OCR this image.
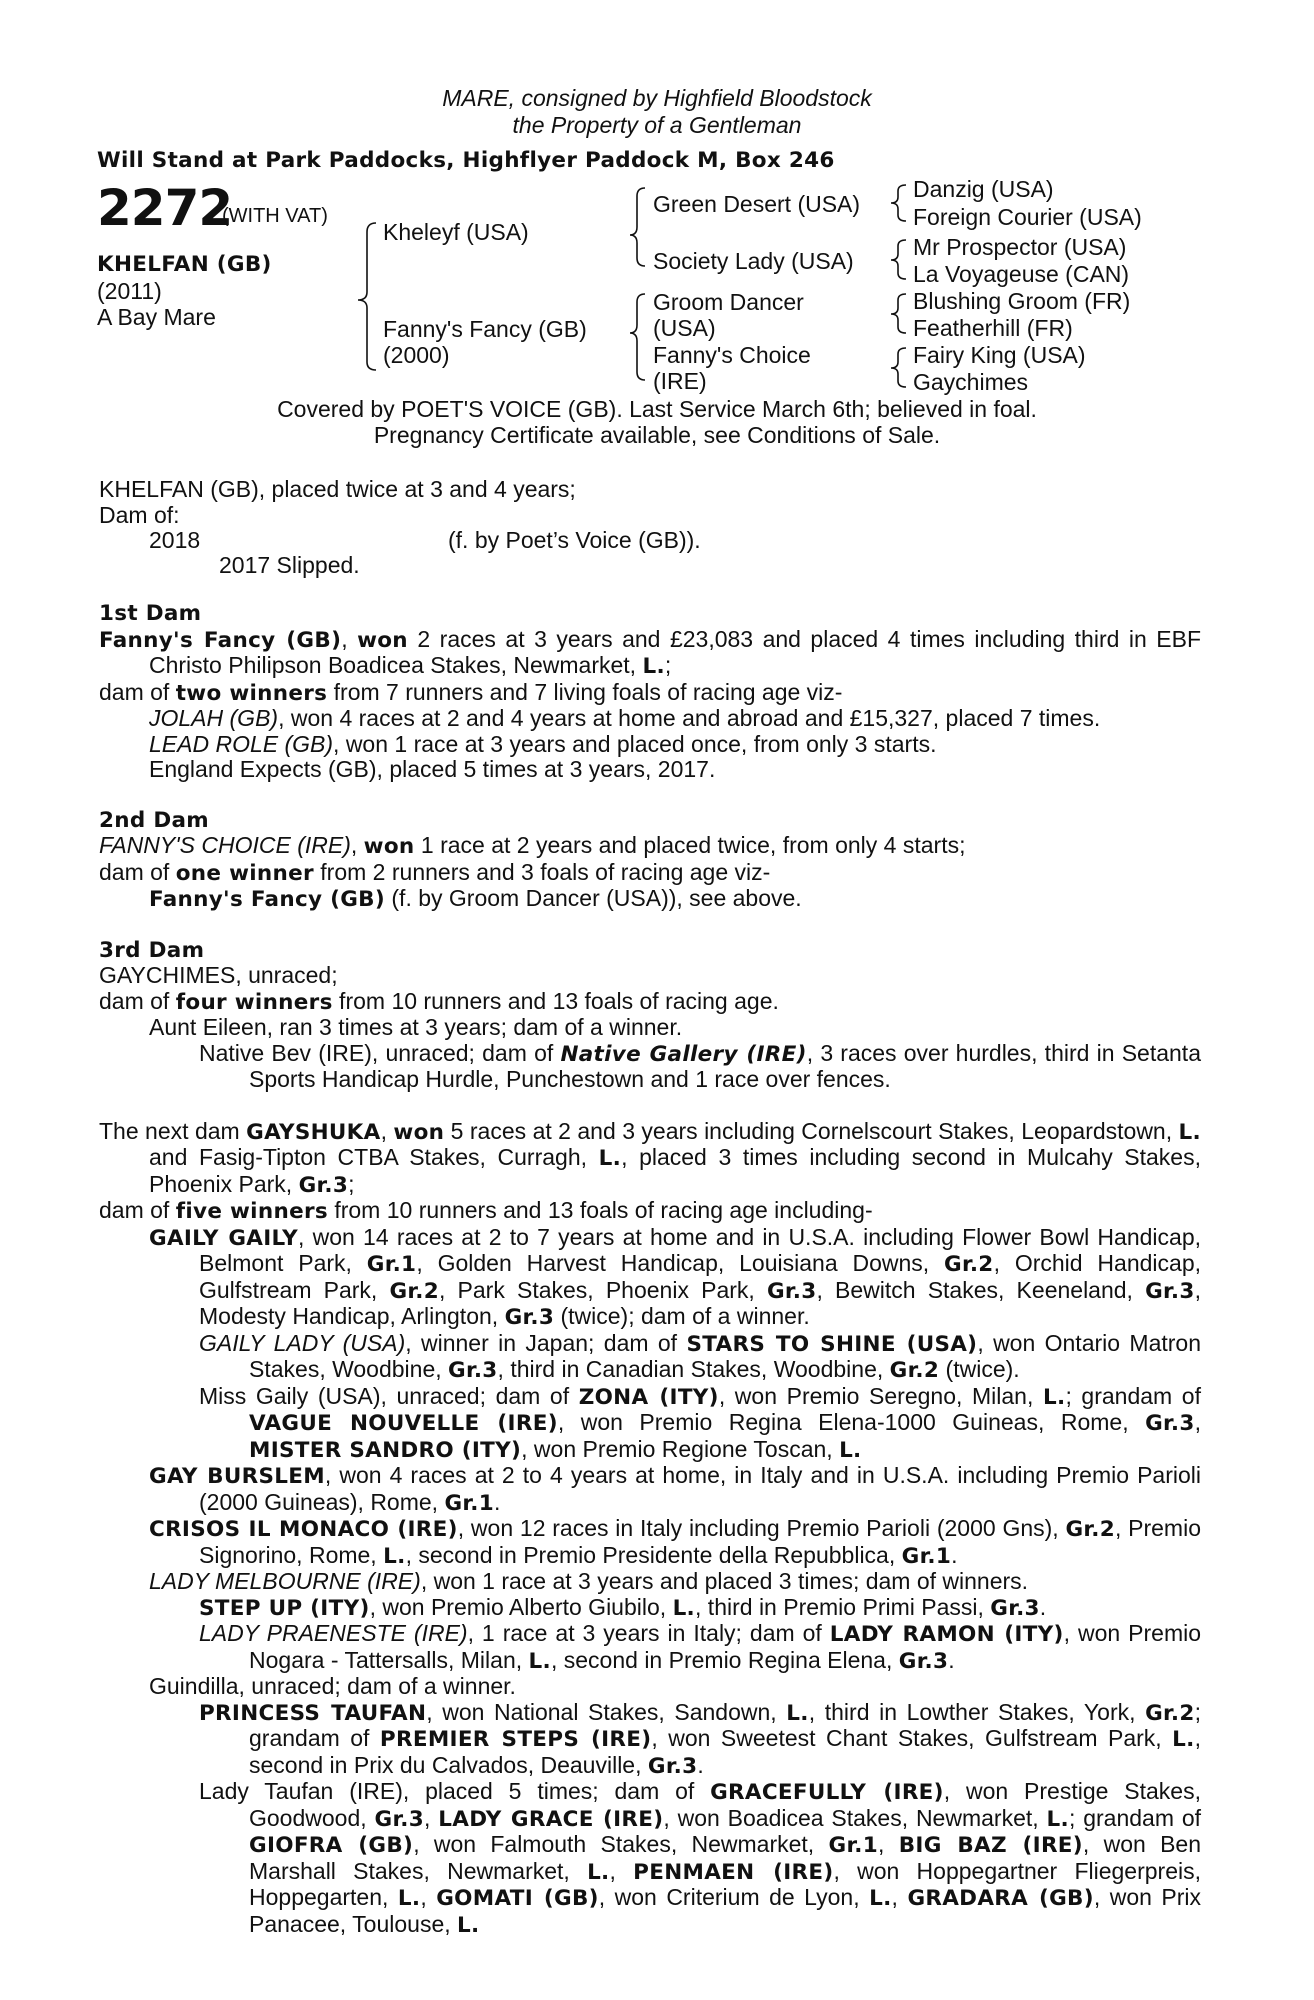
MARE, consigned by Highfield Bloodstock
the Property of a Gentleman
Will Stand at Park Paddocks, Highflyer Paddock M, Box 246
2272
(WITH VAT)
KHELFAN (GB)
(2011)
A Bay Mare
Kheleyf (USA)
Fanny's Fancy (GB)
(2000)
Green Desert (USA)
Society Lady (USA)
Groom Dancer
(USA)
Fanny's Choice
(IRE)
Danzig (USA)
Foreign Courier (USA)
Mr Prospector (USA)
La Voyageuse (CAN)
Blushing Groom (FR)
Featherhill (FR)
Fairy King (USA)
Gaychimes
Covered by POET'S VOICE (GB). Last Service March 6th; believed in foal.
Pregnancy Certificate available, see Conditions of Sale.
KHELFAN (GB), placed twice at 3 and 4 years;
Dam of:
2018	(f. by Poet’s Voice (GB)).
2017 Slipped.

1st Dam

Fanny's Fancy (GB), won 2 races at 3 years and £23,083 and placed 4 times including third in EBF Christo Philipson Boadicea Stakes, Newmarket, L.;

dam of two winners from 7 runners and 7 living foals of racing age viz-

JOLAH (GB), won 4 races at 2 and 4 years at home and abroad and £15,327, placed 7 times.

LEAD ROLE (GB), won 1 race at 3 years and placed once, from only 3 starts.

England Expects (GB), placed 5 times at 3 years, 2017.

2nd Dam

FANNY'S CHOICE (IRE), won 1 race at 2 years and placed twice, from only 4 starts;

dam of one winner from 2 runners and 3 foals of racing age viz-

Fanny's Fancy (GB) (f. by Groom Dancer (USA)), see above.

3rd Dam

GAYCHIMES, unraced;

dam of four winners from 10 runners and 13 foals of racing age.

Aunt Eileen, ran 3 times at 3 years; dam of a winner.

Native Bev (IRE), unraced; dam of Native Gallery (IRE), 3 races over hurdles, third in Setanta Sports Handicap Hurdle, Punchestown and 1 race over fences.

The next dam GAYSHUKA, won 5 races at 2 and 3 years including Cornelscourt Stakes, Leopardstown, L. and Fasig-Tipton CTBA Stakes, Curragh, L., placed 3 times including second in Mulcahy Stakes, Phoenix Park, Gr.3;

dam of five winners from 10 runners and 13 foals of racing age including-

GAILY GAILY, won 14 races at 2 to 7 years at home and in U.S.A. including Flower Bowl Handicap, Belmont Park, Gr.1, Golden Harvest Handicap, Louisiana Downs, Gr.2, Orchid Handicap, Gulfstream Park, Gr.2, Park Stakes, Phoenix Park, Gr.3, Bewitch Stakes, Keeneland, Gr.3, Modesty Handicap, Arlington, Gr.3 (twice); dam of a winner.

GAILY LADY (USA), winner in Japan; dam of STARS TO SHINE (USA), won Ontario Matron Stakes, Woodbine, Gr.3, third in Canadian Stakes, Woodbine, Gr.2 (twice).

Miss Gaily (USA), unraced; dam of ZONA (ITY), won Premio Seregno, Milan, L.; grandam of VAGUE NOUVELLE (IRE), won Premio Regina Elena-1000 Guineas, Rome, Gr.3, MISTER SANDRO (ITY), won Premio Regione Toscan, L.

GAY BURSLEM, won 4 races at 2 to 4 years at home, in Italy and in U.S.A. including Premio Parioli (2000 Guineas), Rome, Gr.1.

CRISOS IL MONACO (IRE), won 12 races in Italy including Premio Parioli (2000 Gns), Gr.2, Premio Signorino, Rome, L., second in Premio Presidente della Repubblica, Gr.1.

LADY MELBOURNE (IRE), won 1 race at 3 years and placed 3 times; dam of winners.

STEP UP (ITY), won Premio Alberto Giubilo, L., third in Premio Primi Passi, Gr.3.

LADY PRAENESTE (IRE), 1 race at 3 years in Italy; dam of LADY RAMON (ITY), won Premio Nogara - Tattersalls, Milan, L., second in Premio Regina Elena, Gr.3.

Guindilla, unraced; dam of a winner.

PRINCESS TAUFAN, won National Stakes, Sandown, L., third in Lowther Stakes, York, Gr.2; grandam of PREMIER STEPS (IRE), won Sweetest Chant Stakes, Gulfstream Park, L., second in Prix du Calvados, Deauville, Gr.3.

Lady Taufan (IRE), placed 5 times; dam of GRACEFULLY (IRE), won Prestige Stakes, Goodwood, Gr.3, LADY GRACE (IRE), won Boadicea Stakes, Newmarket, L.; grandam of GIOFRA (GB), won Falmouth Stakes, Newmarket, Gr.1, BIG BAZ (IRE), won Ben Marshall Stakes, Newmarket, L., PENMAEN (IRE), won Hoppegartner Fliegerpreis, Hoppegarten, L., GOMATI (GB), won Criterium de Lyon, L., GRADARA (GB), won Prix Panacee, Toulouse, L.
